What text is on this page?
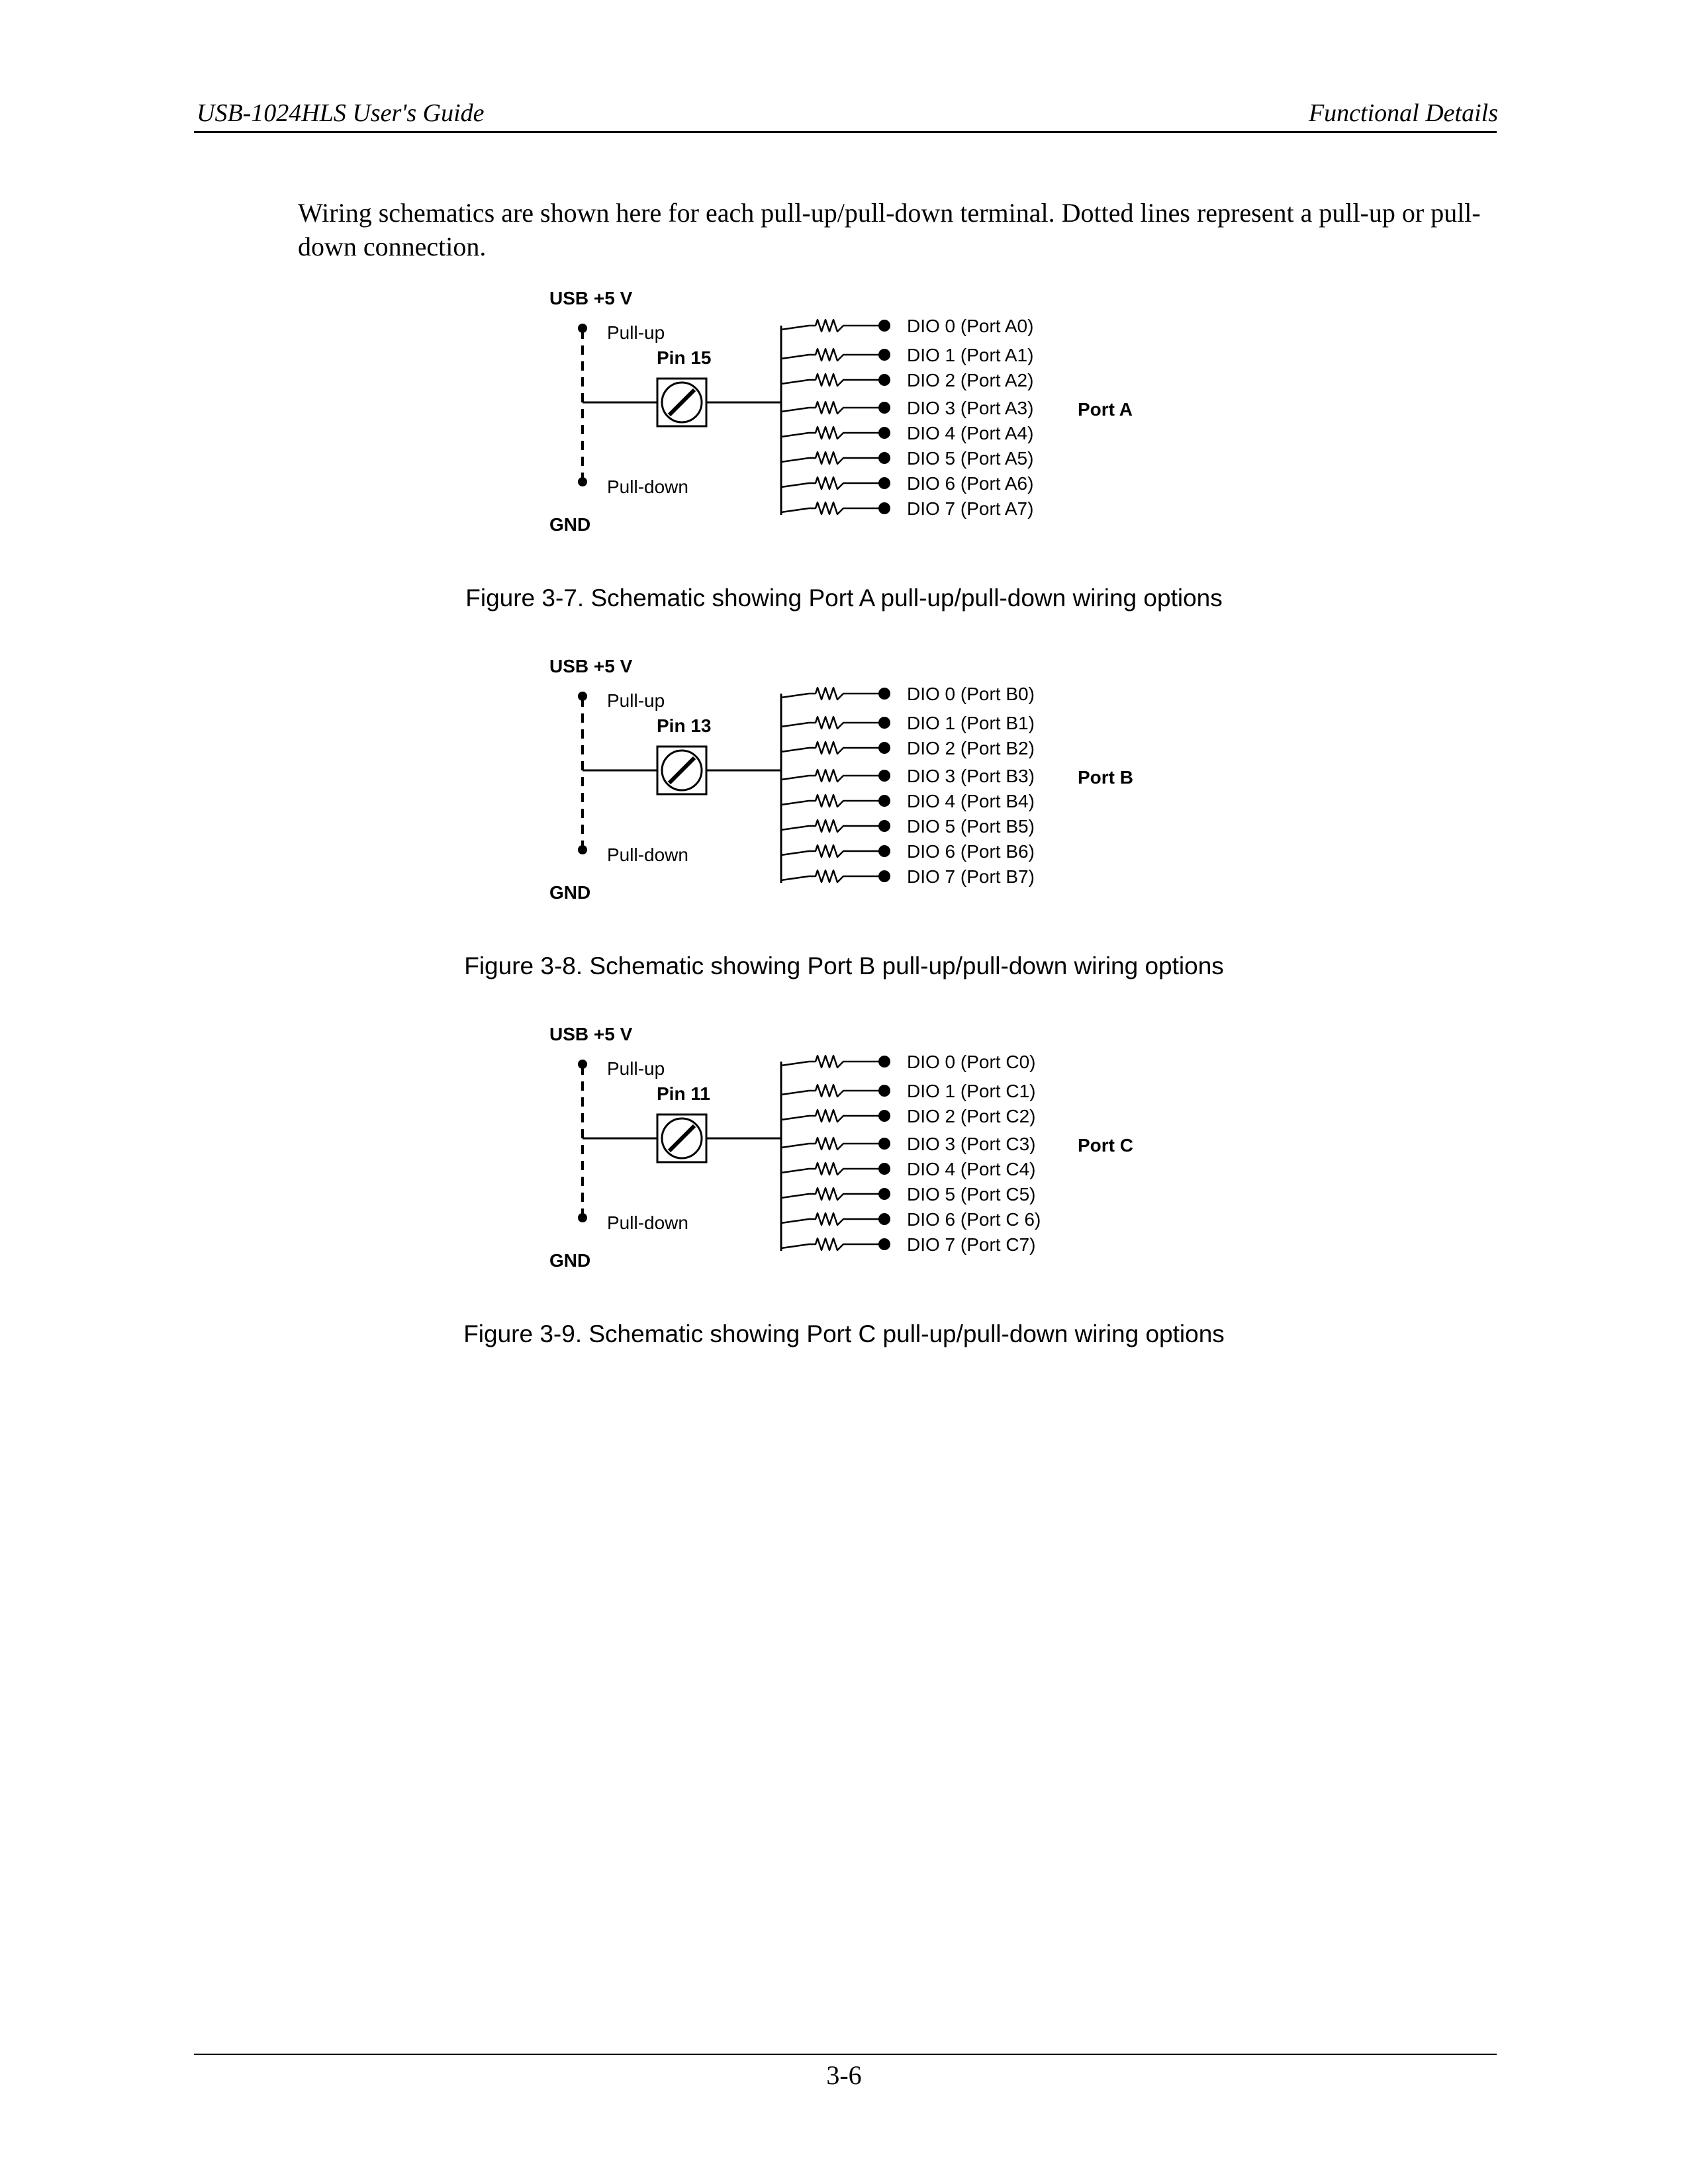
USB-1024HLS User's Guide	Functional Details
Wiring schematics are shown here for each pull-up/pull-down terminal. Dotted lines represent a pull-up or pull-down connection.
USB +5 V
GND
Pull-up
Pull-down
Pin 15
DIO 0 (Port A0)
DIO 1 (Port A1)
DIO 2 (Port A2)
DIO 3 (Port A3)
DIO 4 (Port A4)
DIO 5 (Port A5)
DIO 6 (Port A6)
DIO 7 (Port A7)
Port A
Figure 3-7. Schematic showing Port A pull-up/pull-down wiring options
USB +5 V
GND
Pull-up
Pull-down
Pin 13
DIO 0 (Port B0)
DIO 1 (Port B1)
DIO 2 (Port B2)
DIO 3 (Port B3)
DIO 4 (Port B4)
DIO 5 (Port B5)
DIO 6 (Port B6)
DIO 7 (Port B7)
Port B
Figure 3-8. Schematic showing Port B pull-up/pull-down wiring options
USB +5 V
GND
Pull-up
Pull-down
Pin 11
DIO 0 (Port C0)
DIO 1 (Port C1)
DIO 2 (Port C2)
DIO 3 (Port C3)
DIO 4 (Port C4)
DIO 5 (Port C5)
DIO 6 (Port C 6)
DIO 7 (Port C7)
Port C
Figure 3-9. Schematic showing Port C pull-up/pull-down wiring options
3-6
